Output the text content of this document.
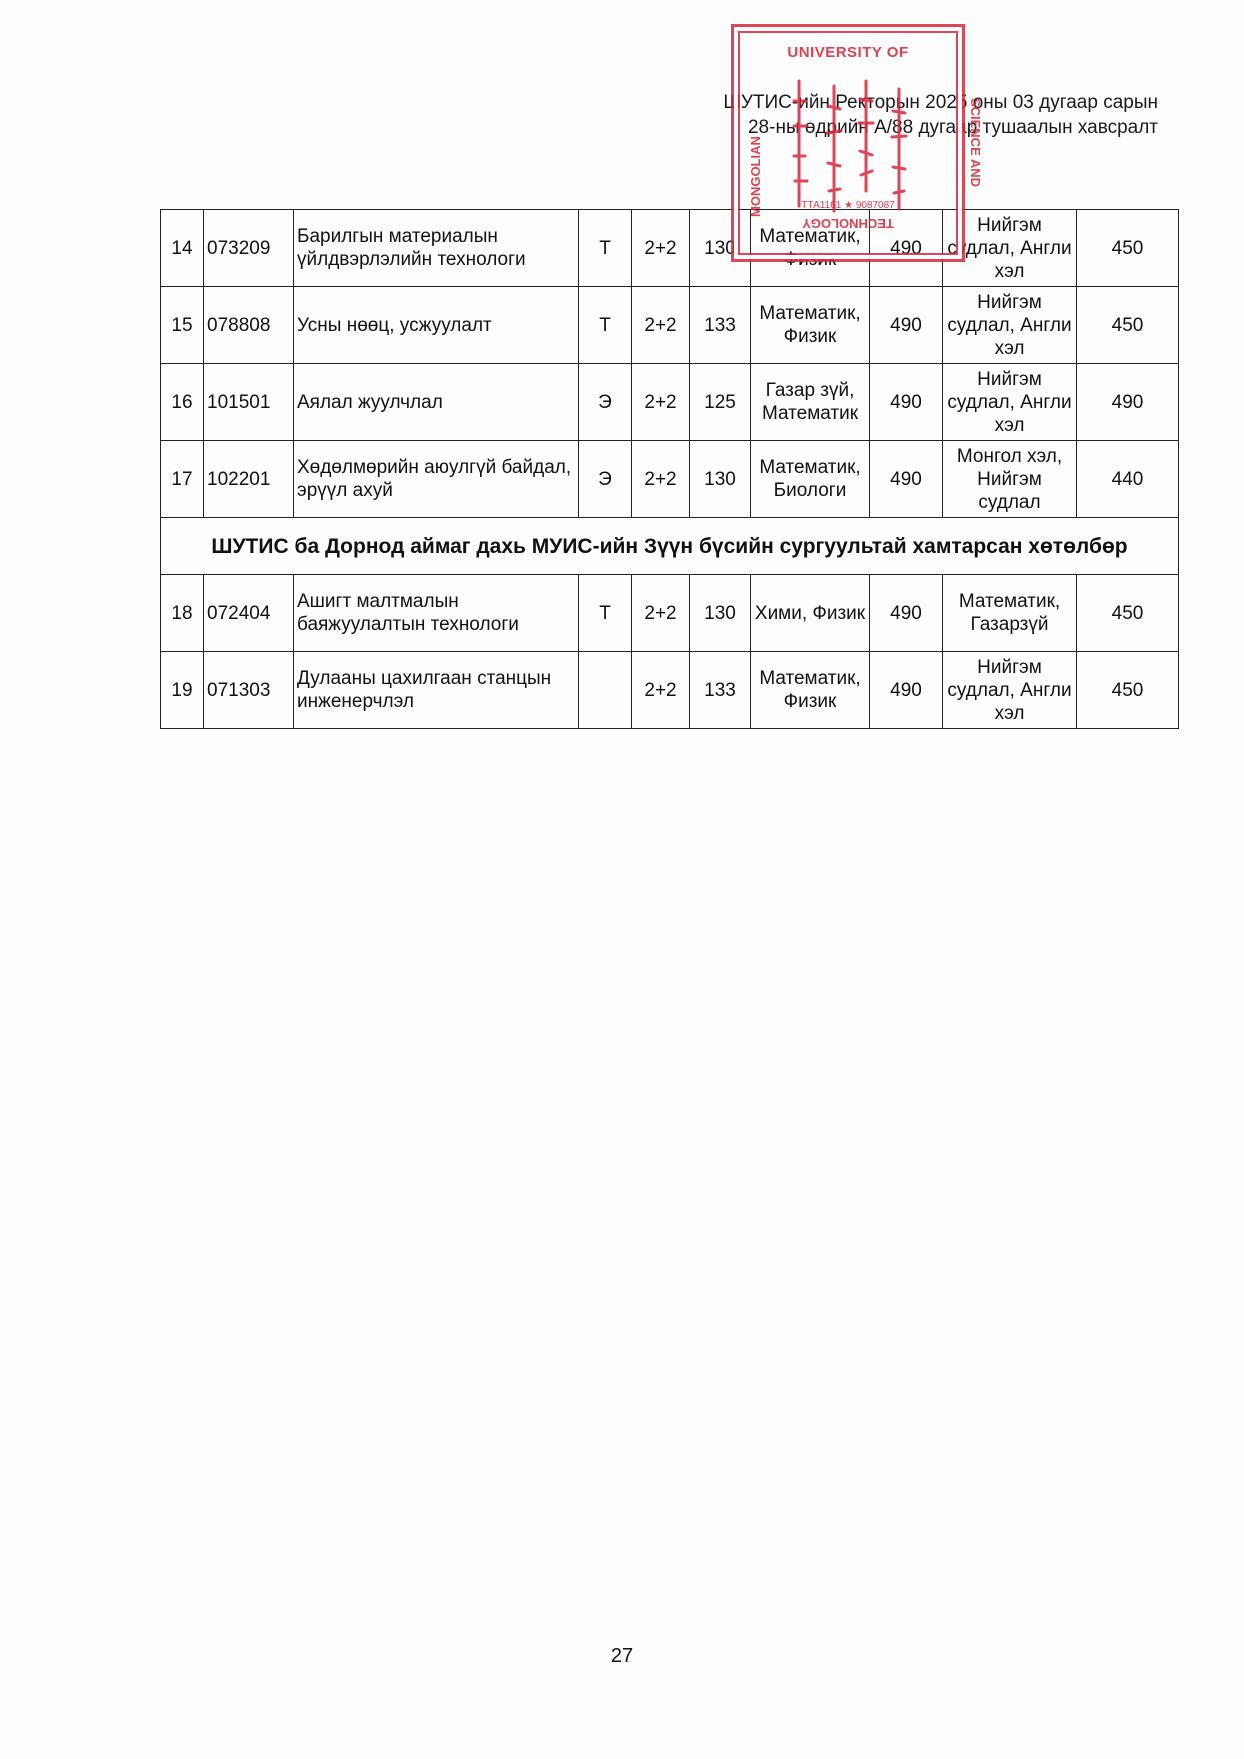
ШУТИС-ийн Ректорын 2025 оны 03 дугаар сарын
28-ны өдрийн А/88 дугаар тушаалын хавсралт
14	073209	Барилгын материалын үйлдвэрлэлийн технологи	Т	2+2	130	Математик, Физик	490	Нийгэм судлал, Англи хэл	450
15	078808	Усны нөөц, усжуулалт	Т	2+2	133	Математик, Физик	490	Нийгэм судлал, Англи хэл	450
16	101501	Аялал жуулчлал	Э	2+2	125	Газар зүй, Математик	490	Нийгэм судлал, Англи хэл	490
17	102201	Хөдөлмөрийн аюулгүй байдал, эрүүл ахуй	Э	2+2	130	Математик, Биологи	490	Монгол хэл, Нийгэм судлал	440
ШУТИС ба Дорнод аймаг дахь МУИС-ийн Зүүн бүсийн сургуультай хамтарсан хөтөлбөр									
18	072404	Ашигт малтмалын баяжуулалтын технологи	Т	2+2	130	Хими, Физик	490	Математик, Газарзүй	450
19	071303	Дулааны цахилгаан станцын инженерчлэл		2+2	133	Математик, Физик	490	Нийгэм судлал, Англи хэл	450
UNIVERSITY OF
MONGOLIAN	SCIENCE AND
ТТА1161 ★ 9087087
TECHNOLOGY
27
